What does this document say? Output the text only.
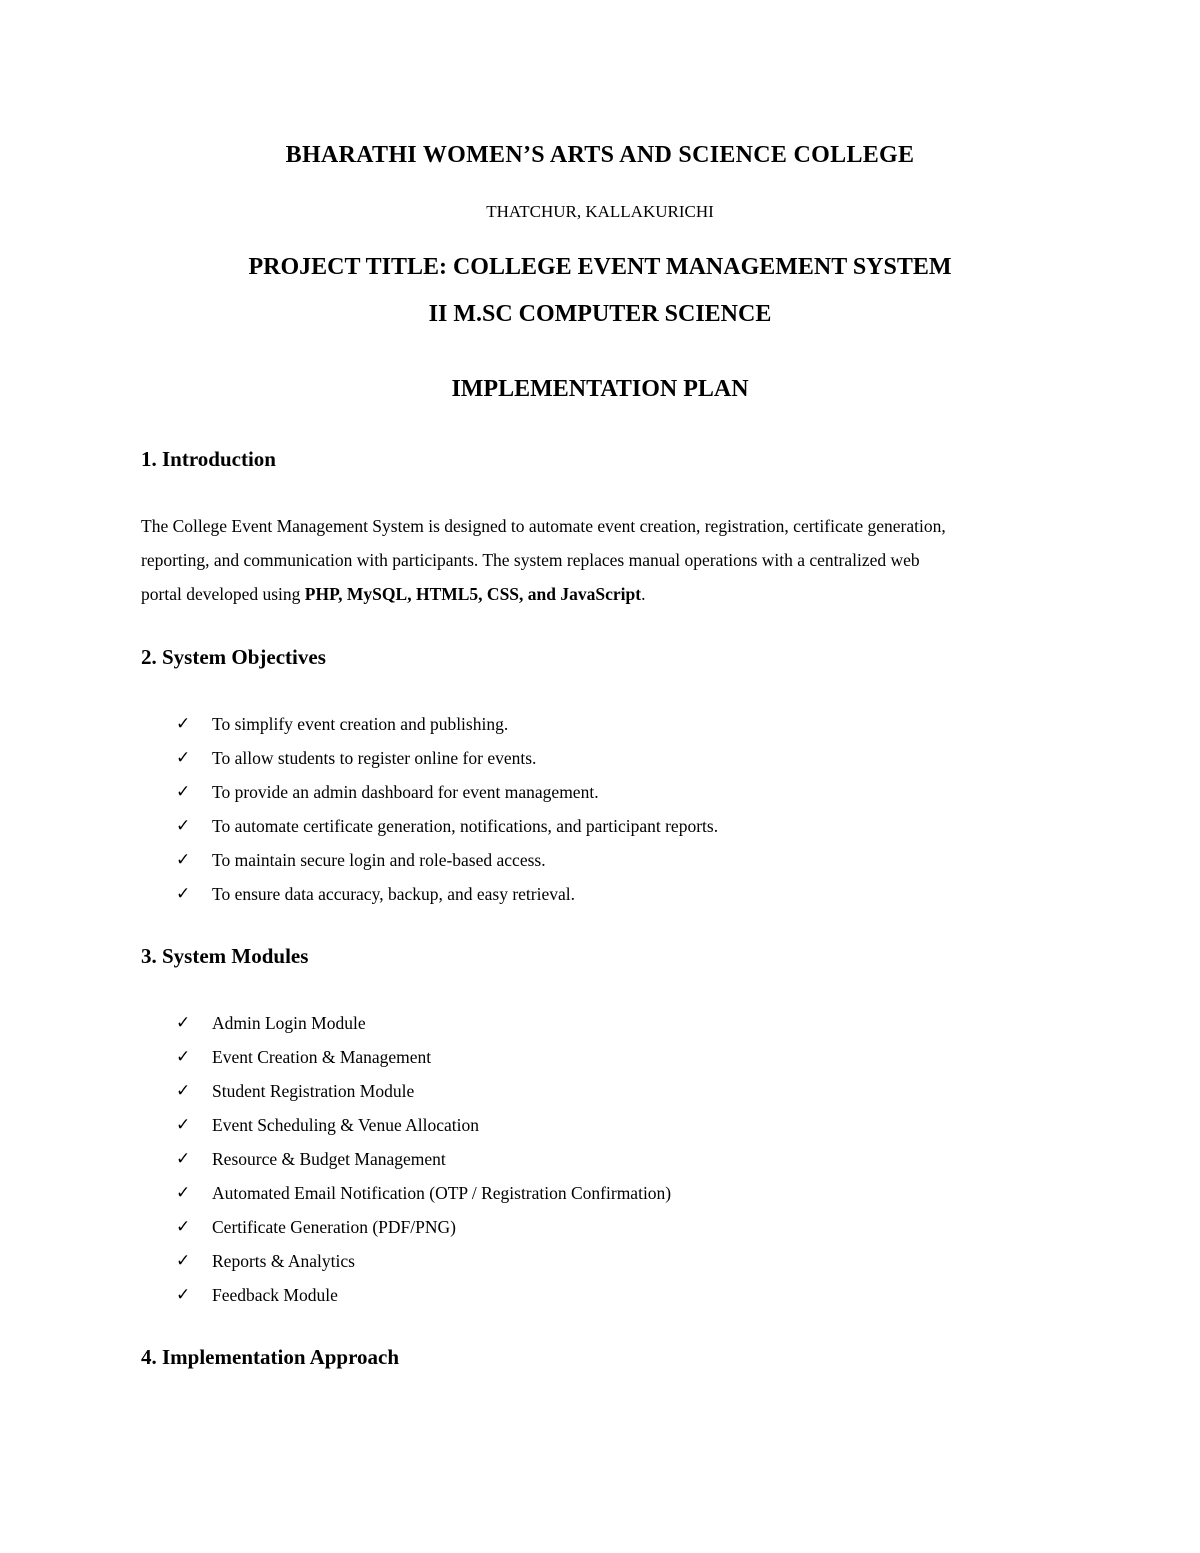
BHARATHI WOMEN’S ARTS AND SCIENCE COLLEGE
THATCHUR, KALLAKURICHI
PROJECT TITLE: COLLEGE EVENT MANAGEMENT SYSTEM
II M.SC COMPUTER SCIENCE
IMPLEMENTATION PLAN
1. Introduction
The College Event Management System is designed to automate event creation, registration, certificate generation,
reporting, and communication with participants. The system replaces manual operations with a centralized web
portal developed using PHP, MySQL, HTML5, CSS, and JavaScript.
2. System Objectives
✓	To simplify event creation and publishing.
✓	To allow students to register online for events.
✓	To provide an admin dashboard for event management.
✓	To automate certificate generation, notifications, and participant reports.
✓	To maintain secure login and role-based access.
✓	To ensure data accuracy, backup, and easy retrieval.
3. System Modules
✓	Admin Login Module
✓	Event Creation & Management
✓	Student Registration Module
✓	Event Scheduling & Venue Allocation
✓	Resource & Budget Management
✓	Automated Email Notification (OTP / Registration Confirmation)
✓	Certificate Generation (PDF/PNG)
✓	Reports & Analytics
✓	Feedback Module
4. Implementation Approach
